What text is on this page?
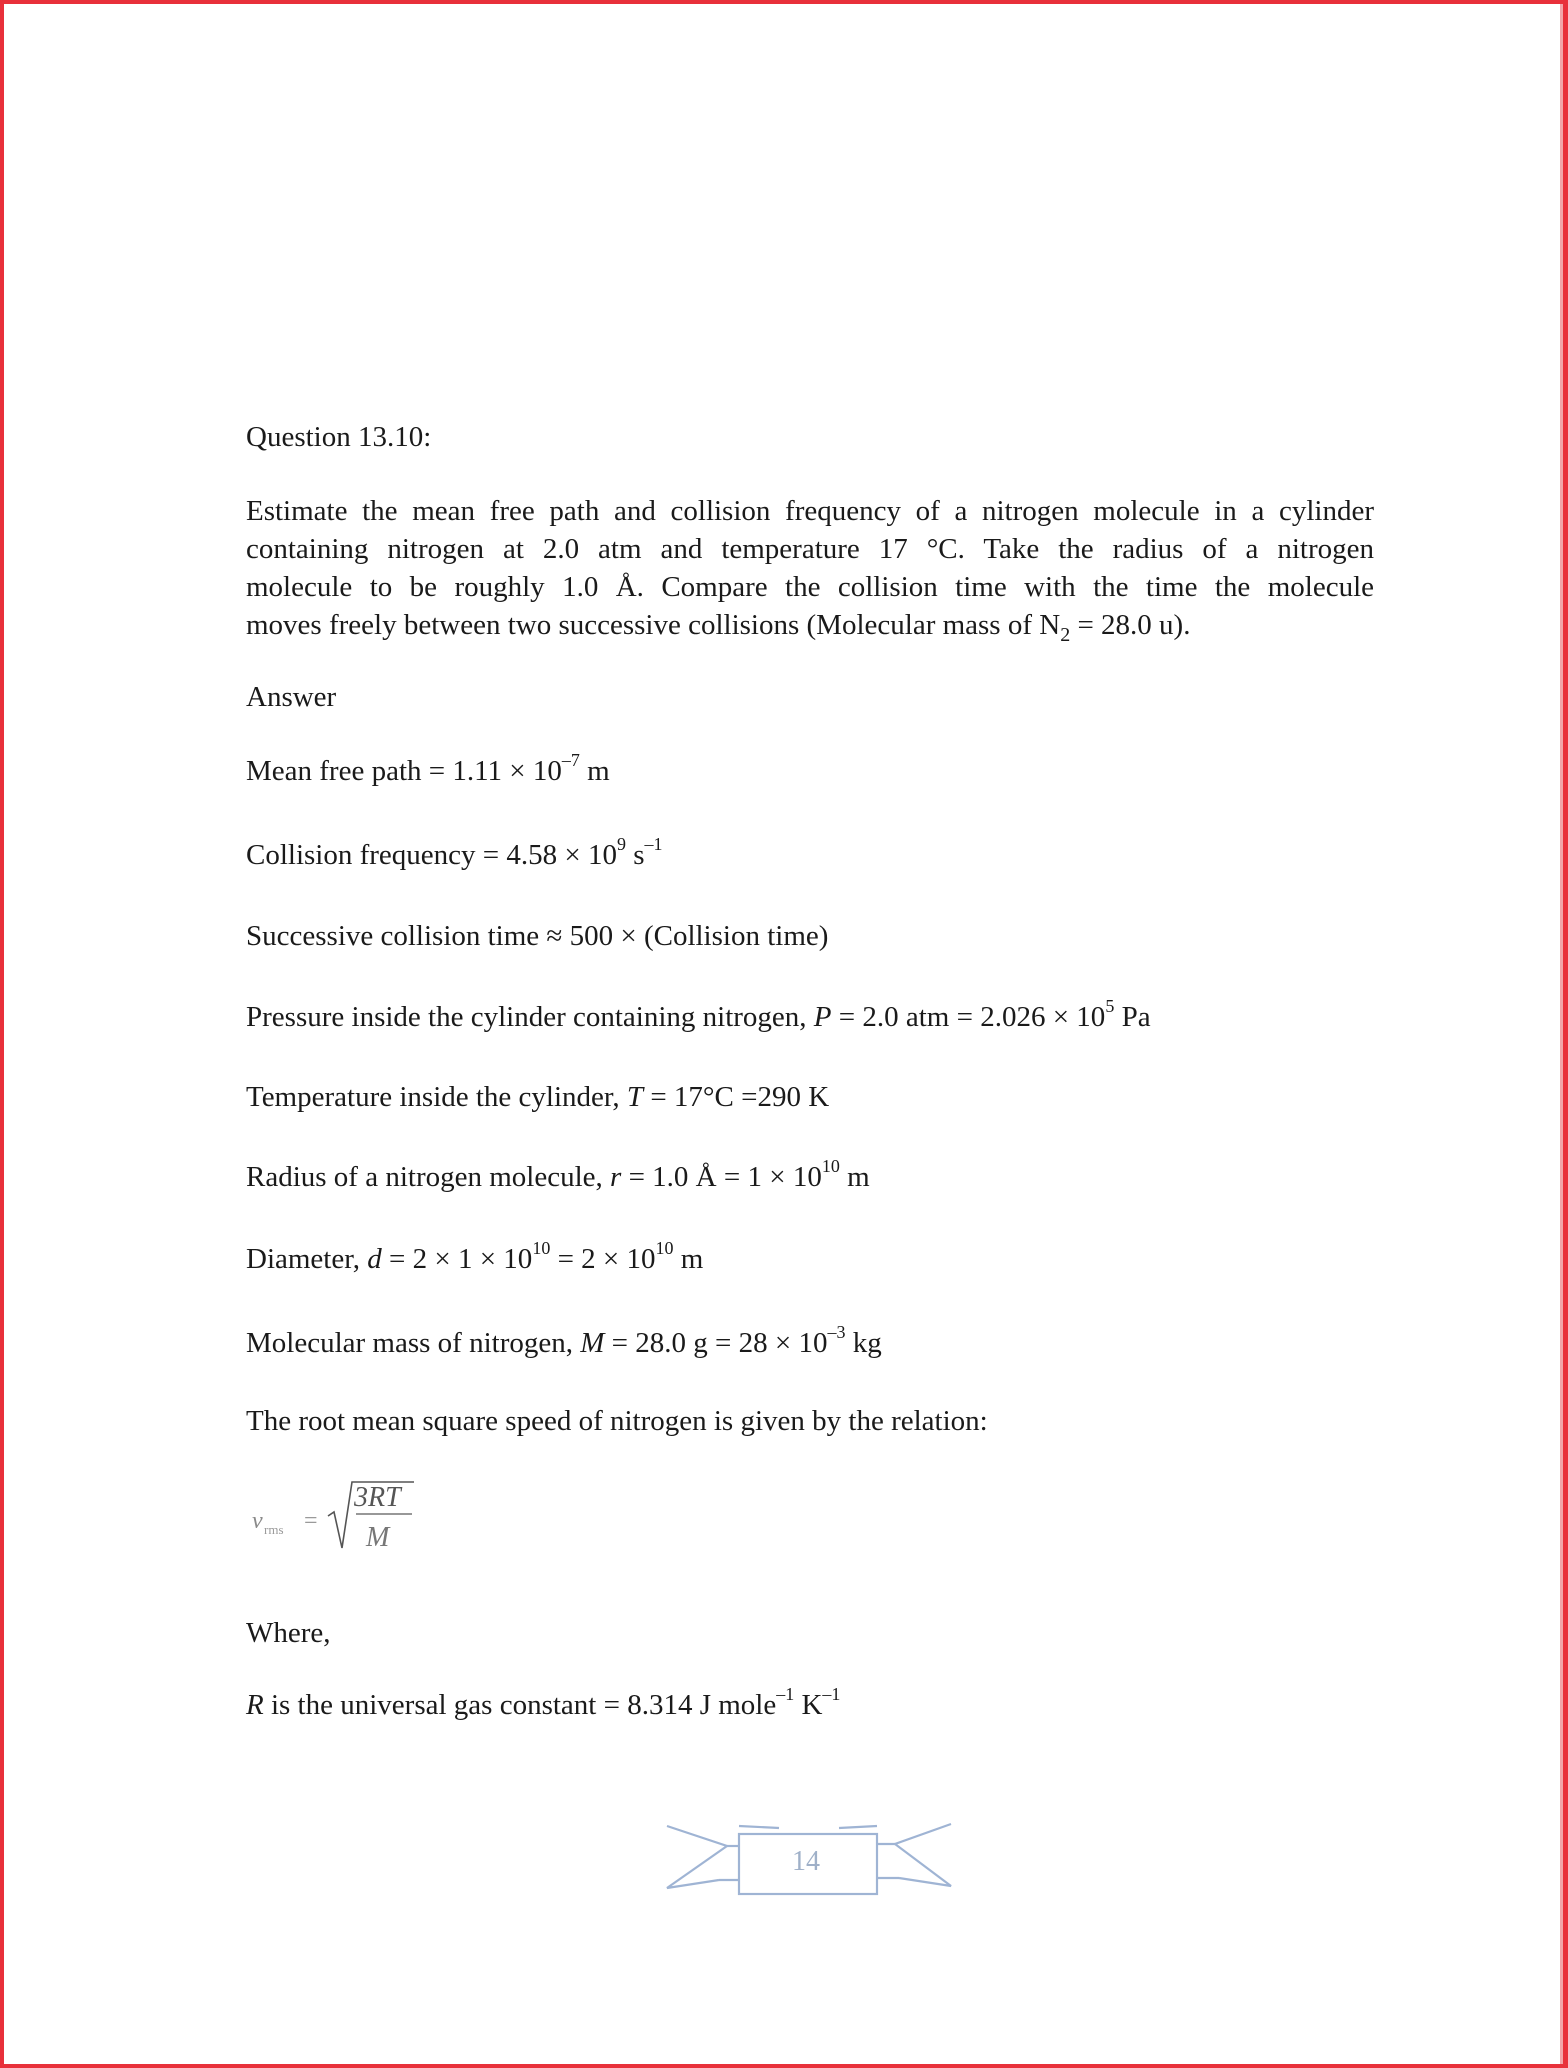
Question 13.10:
Estimate the mean free path and collision frequency of a nitrogen molecule in a cylinder
containing nitrogen at 2.0 atm and temperature 17 °C. Take the radius of a nitrogen
molecule to be roughly 1.0 Å. Compare the collision time with the time the molecule
moves freely between two successive collisions (Molecular mass of $N_2 = 28.0$ u).
Answer
Mean free path = $1.11 \times 10^{-7}$ m
Collision frequency = $4.58 \times 10^9$ $s^{-1}$
Successive collision time ≈ 500 × (Collision time)
Pressure inside the cylinder containing nitrogen, P = 2.0 atm = $2.026 \times 10^5$ Pa
Temperature inside the cylinder, T = 17°C =290 K
Radius of a nitrogen molecule, r = 1.0 Å = $1 \times 10^{10}$ m
Diameter, $d = 2 \times 1 \times 10^{10} = 2 \times 10^{10}$ m
Molecular mass of nitrogen, M = 28.0 $g = 28 \times 10^{-3}$ kg
The root mean square speed of nitrogen is given by the relation:
v rms =
3RT
M
Where,
R is the universal gas constant = 8.314 J mole$^{-1}$ $K^{-1}$
14
